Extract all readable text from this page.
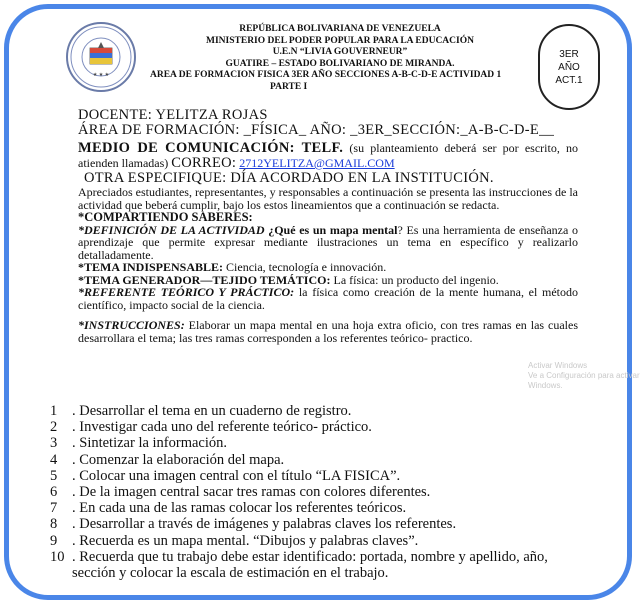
★ ★ ★
REPÚBLICA BOLIVARIANA DE VENEZUELA
MINISTERIO DEL PODER POPULAR PARA LA EDUCACIÓN
U.E.N “LIVIA GOUVERNEUR”
GUATIRE – ESTADO BOLIVARIANO DE MIRANDA.
AREA DE FORMACION FISICA 3ER AÑO SECCIONES A-B-C-D-E ACTIVIDAD 1
PARTE I
3ER
AÑO
ACT.1

DOCENTE: YELITZA ROJAS

ÁREA DE FORMACIÓN: _FÍSICA_ AÑO: _3ER_SECCIÓN:_A-B-C-D-E__

MEDIO DE COMUNICACIÓN: TELF. (su planteamiento deberá ser por escrito, no atienden llamadas) CORREO: 2712YELITZA@GMAIL.COM

OTRA ESPECIFIQUE: DÍA ACORDADO EN LA INSTITUCIÓN.

Apreciados estudiantes, representantes, y responsables a continuación se presenta las instrucciones de la actividad que beberá cumplir, bajo los estos lineamientos que a continuación se redacta.

*COMPARTIENDO SABERES:

*DEFINICIÓN DE LA ACTIVIDAD ¿Qué es un mapa mental? Es una herramienta de enseñanza o aprendizaje que permite expresar mediante ilustraciones un tema en específico y realizarlo detalladamente.

*TEMA INDISPENSABLE: Ciencia, tecnología e innovación.

*TEMA GENERADOR—TEJIDO TEMÁTICO: La física: un producto del ingenio.

*REFERENTE TEÓRICO Y PRÁCTICO: la física como creación de la mente humana, el método científico, impacto social de la ciencia.

*INSTRUCCIONES: Elaborar un mapa mental en una hoja extra oficio, con tres ramas en las cuales desarrollara el tema; las tres ramas corresponden a los referentes teórico- practico.

Activar Windows
Ve a Configuración para activar Windows.
1	. Desarrollar el tema en un cuaderno de registro.
2	. Investigar cada uno del referente teórico- práctico.
3	. Sintetizar la información.
4	. Comenzar la elaboración del mapa.
5	. Colocar una imagen central con el título “LA FISICA”.
6	. De la imagen central sacar tres ramas con colores diferentes.
7	. En cada una de las ramas colocar los referentes teóricos.
8	. Desarrollar a través de imágenes y palabras claves los referentes.
9	. Recuerda es un mapa mental. “Dibujos y palabras claves”.
10 . Recuerda que tu trabajo debe estar identificado: portada, nombre y apellido, año, sección y colocar la escala de estimación en el trabajo.
